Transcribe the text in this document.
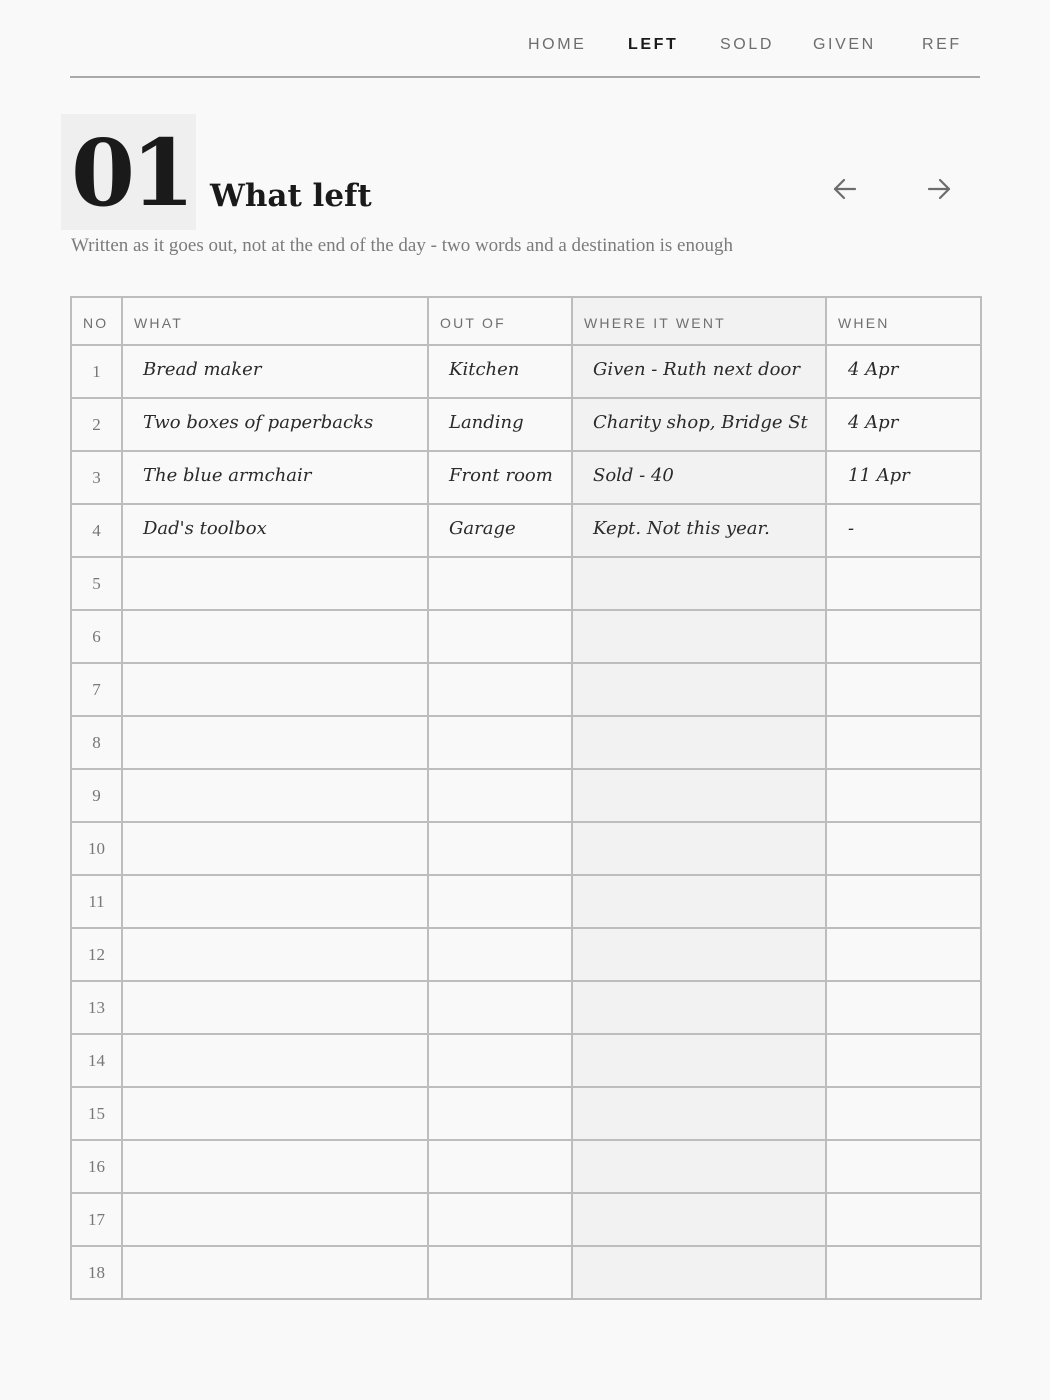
HOME	LEFT	SOLD GIVEN	REF
01 What left

Written as it goes out, not at the end of the day - two words and a destination is enough

NO	WHAT	OUT OF	WHERE IT WENT	WHEN
1	Bread maker	Kitchen	Given - Ruth next door	4 Apr
2	Two boxes of paperbacks	Landing	Charity shop, Bridge St	4 Apr
3	The blue armchair	Front room	Sold - 40	11 Apr
4	Dad's toolbox	Garage	Kept. Not this year.	-
5				
6				
7				
8				
9				
10				
11				
12				
13				
14				
15				
16				
17				
18				
